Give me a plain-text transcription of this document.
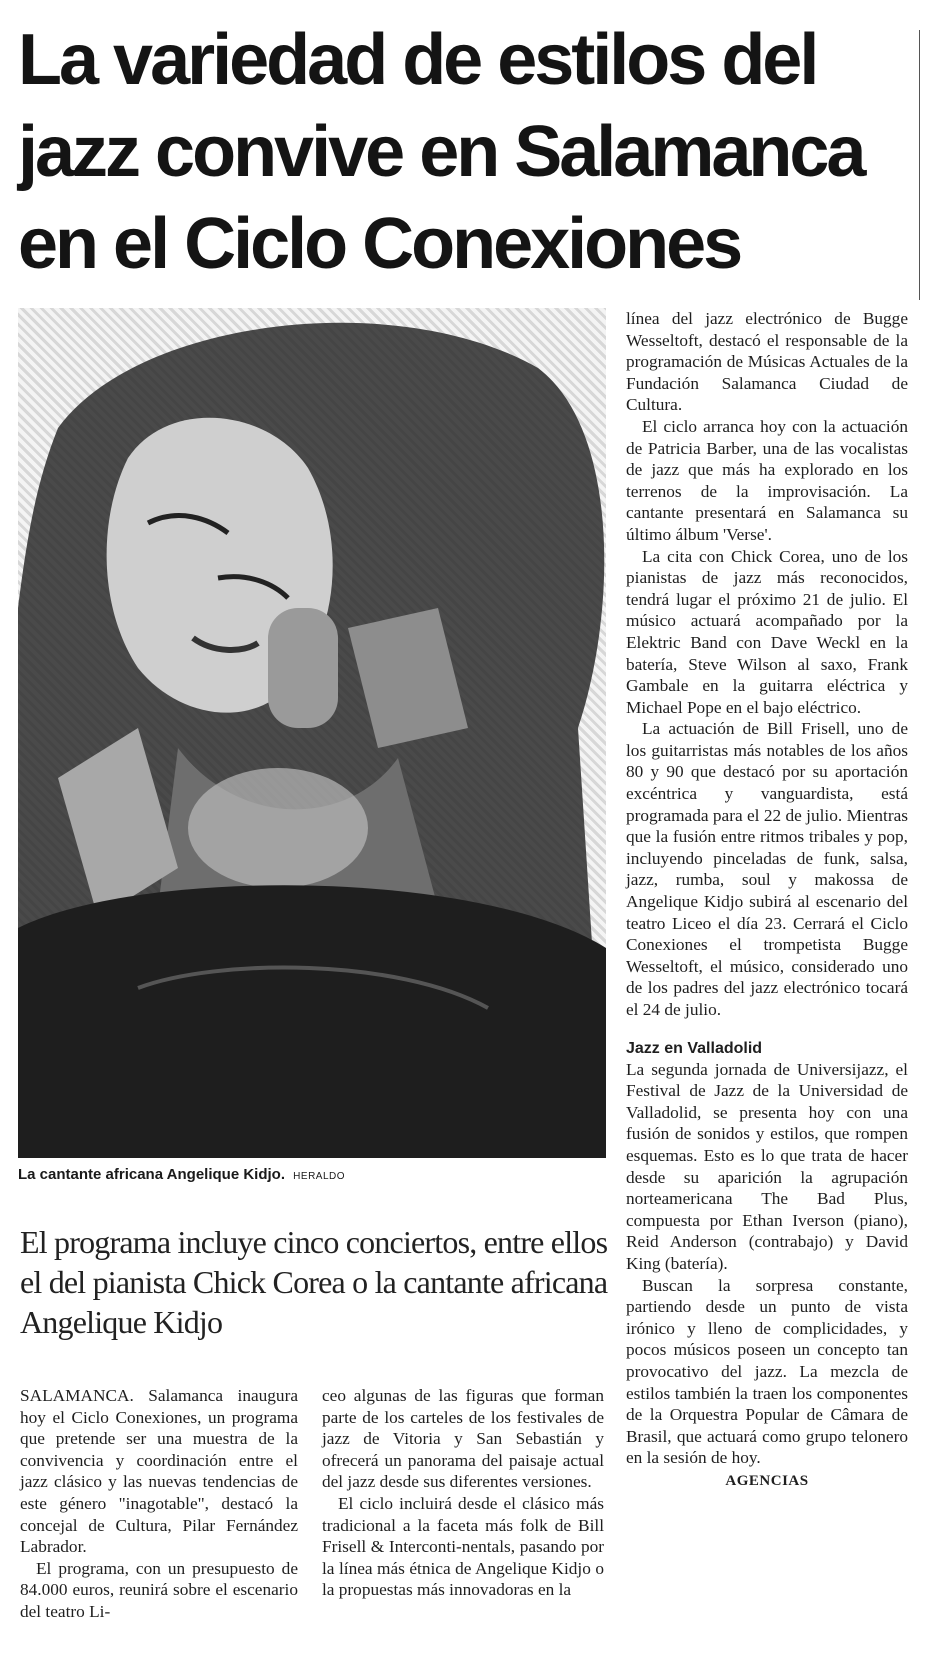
La variedad de estilos del jazz convive en Salamanca en el Ciclo Conexiones
La cantante africana Angelique Kidjo. HERALDO
El programa incluye cinco conciertos, entre ellos el del pianista Chick Corea o la cantante africana Angelique Kidjo

SALAMANCA. Salamanca inaugura hoy el Ciclo Conexiones, un programa que pretende ser una muestra de la convivencia y coordinación entre el jazz clásico y las nuevas tendencias de este género "inagotable", destacó la concejal de Cultura, Pilar Fernández Labrador.

El programa, con un presupuesto de 84.000 euros, reunirá sobre el escenario del teatro Li-

ceo algunas de las figuras que forman parte de los carteles de los festivales de jazz de Vitoria y San Sebastián y ofrecerá un panorama del paisaje actual del jazz desde sus diferentes versiones.

El ciclo incluirá desde el clásico más tradicional a la faceta más folk de Bill Frisell & Interconti-nentals, pasando por la línea más étnica de Angelique Kidjo o la propuestas más innovadoras en la

línea del jazz electrónico de Bugge Wesseltoft, destacó el responsable de la programación de Músicas Actuales de la Fundación Salamanca Ciudad de Cultura.

El ciclo arranca hoy con la actuación de Patricia Barber, una de las vocalistas de jazz que más ha explorado en los terrenos de la improvisación. La cantante presentará en Salamanca su último álbum 'Verse'.

La cita con Chick Corea, uno de los pianistas de jazz más reconocidos, tendrá lugar el próximo 21 de julio. El músico actuará acompañado por la Elektric Band con Dave Weckl en la batería, Steve Wilson al saxo, Frank Gambale en la guitarra eléctrica y Michael Pope en el bajo eléctrico.

La actuación de Bill Frisell, uno de los guitarristas más notables de los años 80 y 90 que destacó por su aportación excéntrica y vanguardista, está programada para el 22 de julio. Mientras que la fusión entre ritmos tribales y pop, incluyendo pinceladas de funk, salsa, jazz, rumba, soul y makossa de Angelique Kidjo subirá al escenario del teatro Liceo el día 23. Cerrará el Ciclo Conexiones el trompetista Bugge Wesseltoft, el músico, considerado uno de los padres del jazz electrónico tocará el 24 de julio.

Jazz en Valladolid

La segunda jornada de Universijazz, el Festival de Jazz de la Universidad de Valladolid, se presenta hoy con una fusión de sonidos y estilos, que rompen esquemas. Esto es lo que trata de hacer desde su aparición la agrupación norteamericana The Bad Plus, compuesta por Ethan Iverson (piano), Reid Anderson (contrabajo) y David King (batería).

Buscan la sorpresa constante, partiendo desde un punto de vista irónico y lleno de complicidades, y pocos músicos poseen un concepto tan provocativo del jazz. La mezcla de estilos también la traen los componentes de la Orquestra Popular de Câmara de Brasil, que actuará como grupo telonero en la sesión de hoy.

AGENCIAS
